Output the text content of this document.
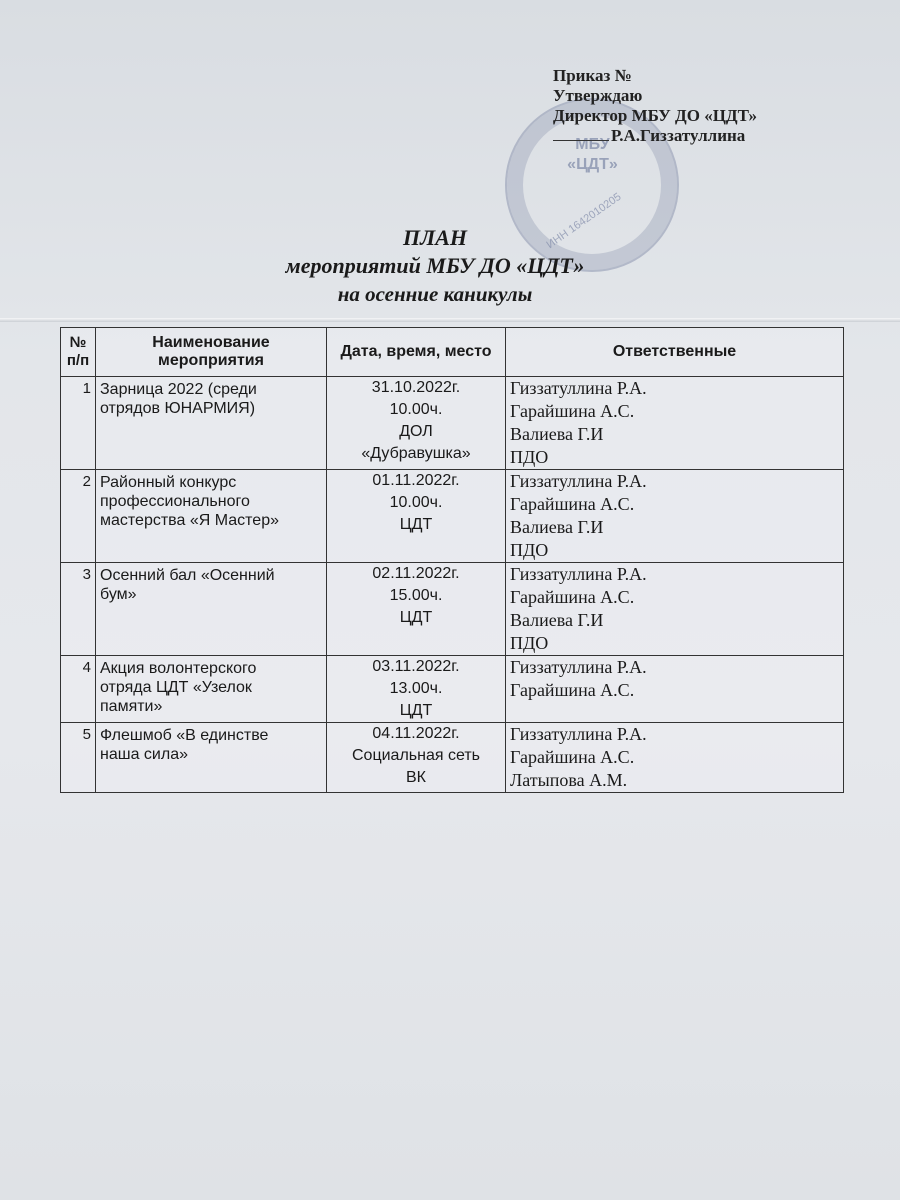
МБУ
«ЦДТ»
ИНН 1642010205
Приказ №
Утверждаю
Директор МБУ ДО «ЦДТ»
Р.А.Гиззатуллина
ПЛАН
мероприятий МБУ ДО «ЦДТ»
на осенние каникулы
№ п/п	Наименование мероприятия	Дата, время, место	Ответственные
1	Зарница 2022 (среди
отрядов ЮНАРМИЯ)	31.10.2022г.
10.00ч.
ДОЛ
«Дубравушка»	Гиззатуллина Р.А.
Гарайшина А.С.
Валиева Г.И
ПДО

2	Районный конкурс
профессионального
мастерства «Я Мастер»	01.11.2022г.
10.00ч.
ЦДТ	Гиззатуллина Р.А.
Гарайшина А.С.
Валиева Г.И
ПДО

3	Осенний бал «Осенний
бум»	02.11.2022г.
15.00ч.
ЦДТ	Гиззатуллина Р.А.
Гарайшина А.С.
Валиева Г.И
ПДО

4	Акция волонтерского
отряда ЦДТ «Узелок
памяти»	03.11.2022г.
13.00ч.
ЦДТ	Гиззатуллина Р.А.
Гарайшина А.С.

5	Флешмоб «В единстве
наша сила»	04.11.2022г.
Социальная сеть
ВК	Гиззатуллина Р.А.
Гарайшина А.С.
Латыпова А.М.
